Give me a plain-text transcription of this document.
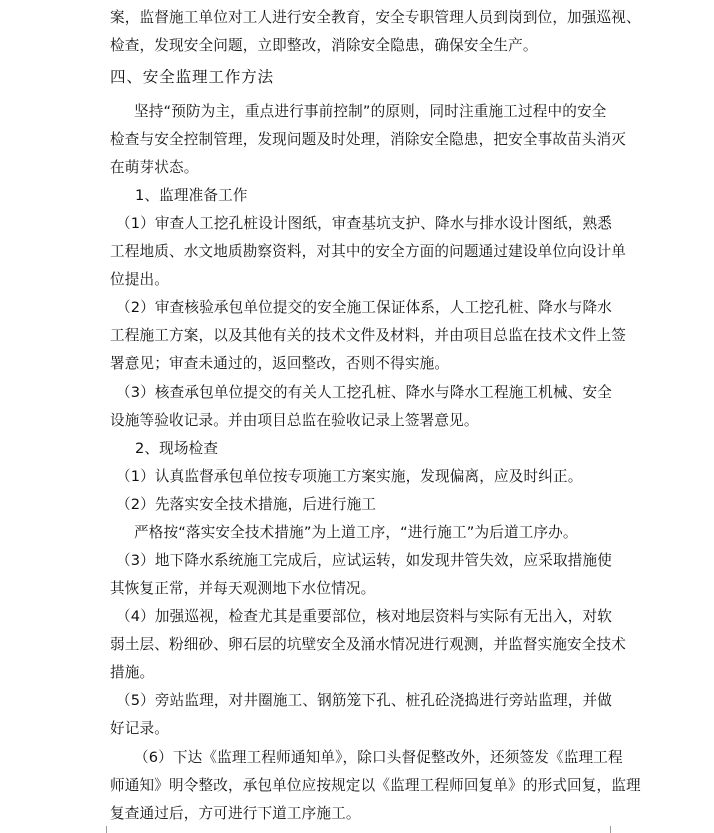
案，监督施工单位对工人进行安全教育，安全专职管理人员到岗到位，加强巡视、
检查，发现安全问题，立即整改，消除安全隐患，确保安全生产。
四、安全监理工作方法
坚持“预防为主，重点进行事前控制”的原则，同时注重施工过程中的安全
检查与安全控制管理，发现问题及时处理，消除安全隐患，把安全事故苗头消灭
在萌芽状态。
1、监理准备工作
（1）审查人工挖孔桩设计图纸，审查基坑支护、降水与排水设计图纸，熟悉
工程地质、水文地质勘察资料，对其中的安全方面的问题通过建设单位向设计单
位提出。
（2）审查核验承包单位提交的安全施工保证体系，人工挖孔桩、降水与降水
工程施工方案，以及其他有关的技术文件及材料，并由项目总监在技术文件上签
署意见；审查未通过的，返回整改，否则不得实施。
（3）核查承包单位提交的有关人工挖孔桩、降水与降水工程施工机械、安全
设施等验收记录。并由项目总监在验收记录上签署意见。
2、现场检查
（1）认真监督承包单位按专项施工方案实施，发现偏离，应及时纠正。
（2）先落实安全技术措施，后进行施工
严格按“落实安全技术措施”为上道工序，“进行施工”为后道工序办。
（3）地下降水系统施工完成后，应试运转，如发现井管失效，应采取措施使
其恢复正常，并每天观测地下水位情况。
（4）加强巡视，检查尤其是重要部位，核对地层资料与实际有无出入，对软
弱土层、粉细砂、卵石层的坑壁安全及涌水情况进行观测，并监督实施安全技术
措施。
（5）旁站监理，对井圈施工、钢筋笼下孔、桩孔砼浇捣进行旁站监理，并做
好记录。
（6）下达《监理工程师通知单》，除口头督促整改外，还须签发《监理工程
师通知》明令整改，承包单位应按规定以《监理工程师回复单》的形式回复，监理
复查通过后，方可进行下道工序施工。
